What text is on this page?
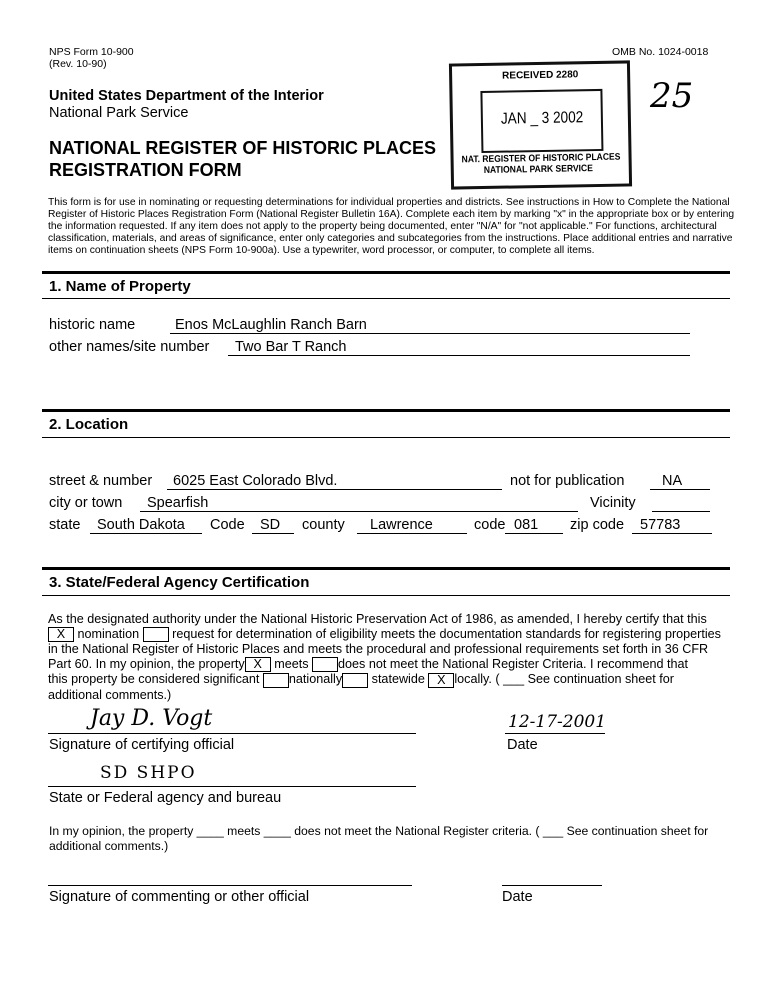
NPS Form 10-900
(Rev. 10-90)
OMB No. 1024-0018
United States Department of the Interior
National Park Service
NATIONAL REGISTER OF HISTORIC PLACES
REGISTRATION FORM
RECEIVED 2280
JAN _ 3 2002
NAT. REGISTER OF HISTORIC PLACES
NATIONAL PARK SERVICE
25
This form is for use in nominating or requesting determinations for individual properties and districts. See instructions in How to Complete the National Register of Historic Places Registration Form (National Register Bulletin 16A). Complete each item by marking "x" in the appropriate box or by entering the information requested. If any item does not apply to the property being documented, enter "N/A" for "not applicable." For functions, architectural classification, materials, and areas of significance, enter only categories and subcategories from the instructions. Place additional entries and narrative items on continuation sheets (NPS Form 10-900a). Use a typewriter, word processor, or computer, to complete all items.
1. Name of Property
historic name	Enos McLaughlin Ranch Barn
other names/site number Two Bar T Ranch
2. Location
street & number 6025 East Colorado Blvd.	not for publication	NA
city or town Spearfish	Vicinity
state South Dakota Code SD county Lawrence	code 081 zip code 57783
3. State/Federal Agency Certification
As the designated authority under the National Historic Preservation Act of 1986, as amended, I hereby certify that this
X nomination	request for determination of eligibility meets the documentation standards for registering properties
in the National Register of Historic Places and meets the procedural and professional requirements set forth in 36 CFR
Part 60. In my opinion, the property X meets does not meet the National Register Criteria. I recommend that
this property be considered significant nationally statewide X locally. ( ___ See continuation sheet for
additional comments.)
Jay D. Vogt
Signature of certifying official
12-17-2001
Date
SD SHPO
State or Federal agency and bureau
In my opinion, the property ____ meets ____ does not meet the National Register criteria. ( ___ See continuation sheet for
additional comments.)
Signature of commenting or other official	Date
